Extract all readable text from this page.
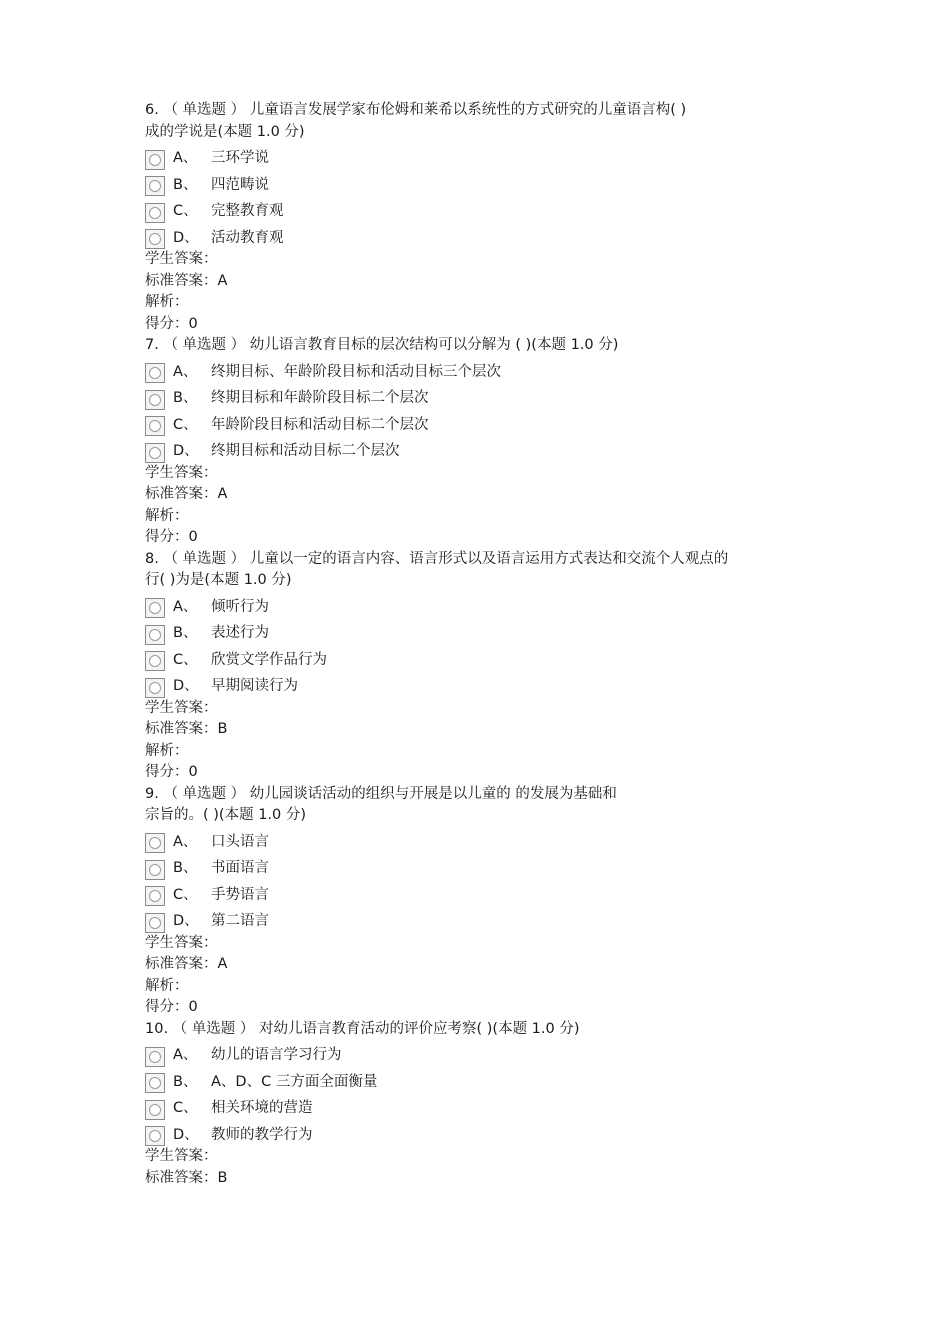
6. （ 单选题 ） 儿童语言发展学家布伦姆和莱希以系统性的方式研究的儿童语言构( )
成的学说是(本题 1.0 分)
A、 三环学说
B、 四范畴说
C、 完整教育观
D、 活动教育观
学生答案：
标准答案：A
解析：
得分：0
7. （ 单选题 ） 幼儿语言教育目标的层次结构可以分解为 ( )(本题 1.0 分)
A、 终期目标、年龄阶段目标和活动目标三个层次
B、 终期目标和年龄阶段目标二个层次
C、 年龄阶段目标和活动目标二个层次
D、 终期目标和活动目标二个层次
学生答案：
标准答案：A
解析：
得分：0
8. （ 单选题 ） 儿童以一定的语言内容、语言形式以及语言运用方式表达和交流个人观点的
行( )为是(本题 1.0 分)
A、 倾听行为
B、 表述行为
C、 欣赏文学作品行为
D、 早期阅读行为
学生答案：
标准答案：B
解析：
得分：0
9. （ 单选题 ） 幼儿园谈话活动的组织与开展是以儿童的 的发展为基础和
宗旨的。( )(本题 1.0 分)
A、 口头语言
B、 书面语言
C、 手势语言
D、 第二语言
学生答案：
标准答案：A
解析：
得分：0
10. （ 单选题 ） 对幼儿语言教育活动的评价应考察( )(本题 1.0 分)
A、 幼儿的语言学习行为
B、 A、D、C 三方面全面衡量
C、 相关环境的营造
D、 教师的教学行为
学生答案：
标准答案：B
